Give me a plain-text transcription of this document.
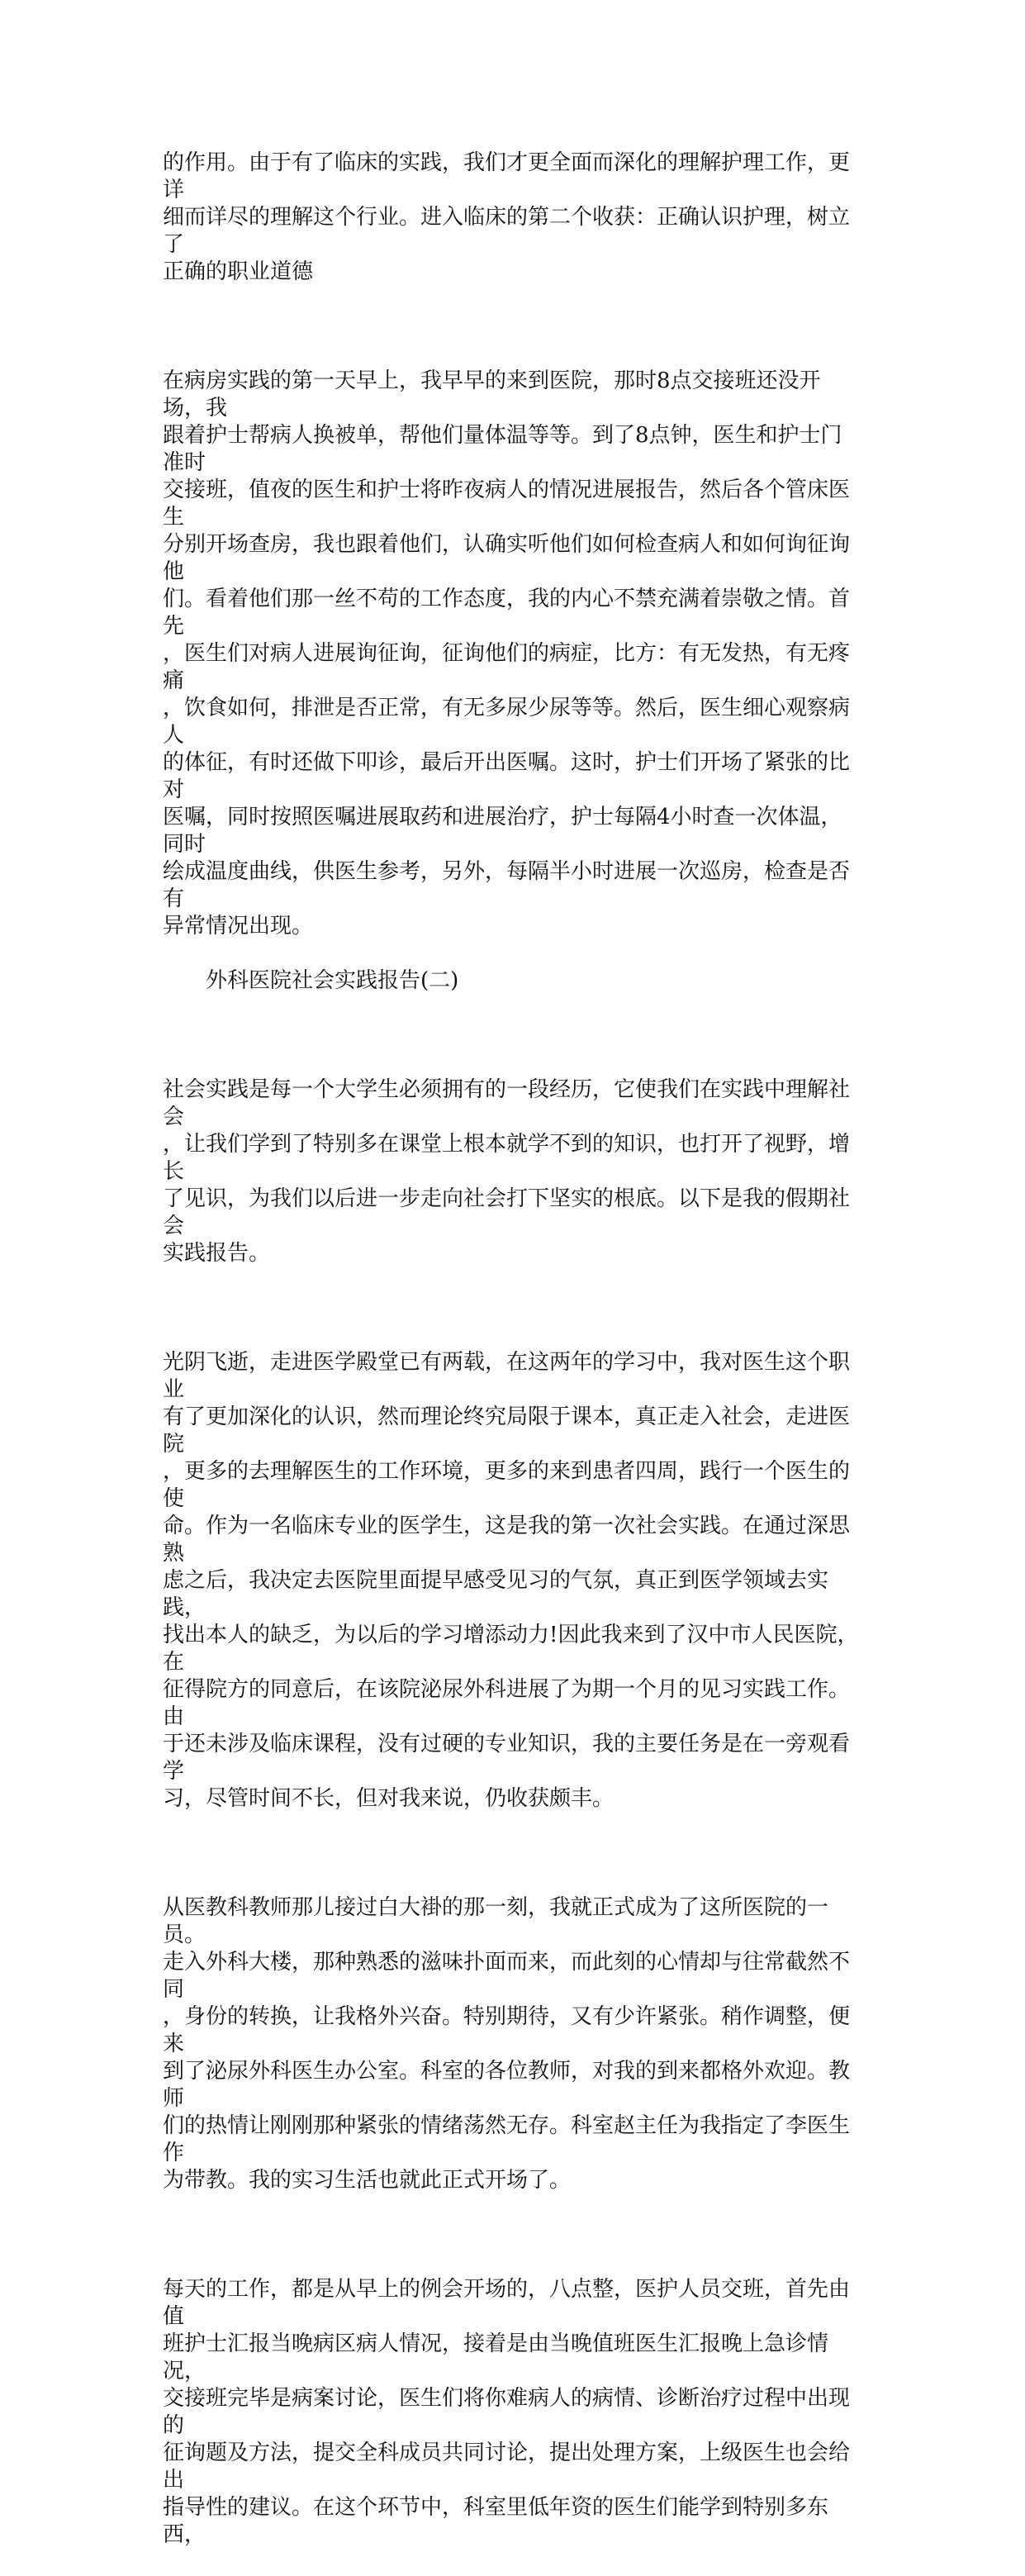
的作用。由于有了临床的实践，我们才更全面而深化的理解护理工作，更详
细而详尽的理解这个行业。进入临床的第二个收获：正确认识护理，树立了
正确的职业道德

在病房实践的第一天早上，我早早的来到医院，那时8点交接班还没开场，我
跟着护士帮病人换被单，帮他们量体温等等。到了8点钟，医生和护士门准时
交接班，值夜的医生和护士将昨夜病人的情况进展报告，然后各个管床医生
分别开场查房，我也跟着他们，认确实听他们如何检查病人和如何询征询他
们。看着他们那一丝不苟的工作态度，我的内心不禁充满着崇敬之情。首先
，医生们对病人进展询征询，征询他们的病症，比方：有无发热，有无疼痛
，饮食如何，排泄是否正常，有无多尿少尿等等。然后，医生细心观察病人
的体征，有时还做下叩诊，最后开出医嘱。这时，护士们开场了紧张的比对
医嘱，同时按照医嘱进展取药和进展治疗，护士每隔4小时查一次体温，同时
绘成温度曲线，供医生参考，另外，每隔半小时进展一次巡房，检查是否有
异常情况出现。

外科医院社会实践报告(二)

社会实践是每一个大学生必须拥有的一段经历，它使我们在实践中理解社会
，让我们学到了特别多在课堂上根本就学不到的知识，也打开了视野，增长
了见识，为我们以后进一步走向社会打下坚实的根底。以下是我的假期社会
实践报告。

光阴飞逝，走进医学殿堂已有两载，在这两年的学习中，我对医生这个职业
有了更加深化的认识，然而理论终究局限于课本，真正走入社会，走进医院
，更多的去理解医生的工作环境，更多的来到患者四周，践行一个医生的使
命。作为一名临床专业的医学生，这是我的第一次社会实践。在通过深思熟
虑之后，我决定去医院里面提早感受见习的气氛，真正到医学领域去实践，
找出本人的缺乏，为以后的学习增添动力!因此我来到了汉中市人民医院，在
征得院方的同意后，在该院泌尿外科进展了为期一个月的见习实践工作。由
于还未涉及临床课程，没有过硬的专业知识，我的主要任务是在一旁观看学
习，尽管时间不长，但对我来说，仍收获颇丰。

从医教科教师那儿接过白大褂的那一刻，我就正式成为了这所医院的一员。
走入外科大楼，那种熟悉的滋味扑面而来，而此刻的心情却与往常截然不同
，身份的转换，让我格外兴奋。特别期待，又有少许紧张。稍作调整，便来
到了泌尿外科医生办公室。科室的各位教师，对我的到来都格外欢迎。教师
们的热情让刚刚那种紧张的情绪荡然无存。科室赵主任为我指定了李医生作
为带教。我的实习生活也就此正式开场了。

每天的工作，都是从早上的例会开场的，八点整，医护人员交班，首先由值
班护士汇报当晚病区病人情况，接着是由当晚值班医生汇报晚上急诊情况，
交接班完毕是病案讨论，医生们将你难病人的病情、诊断治疗过程中出现的
征询题及方法，提交全科成员共同讨论，提出处理方案，上级医生也会给出
指导性的建议。在这个环节中，科室里低年资的医生们能学到特别多东西，
